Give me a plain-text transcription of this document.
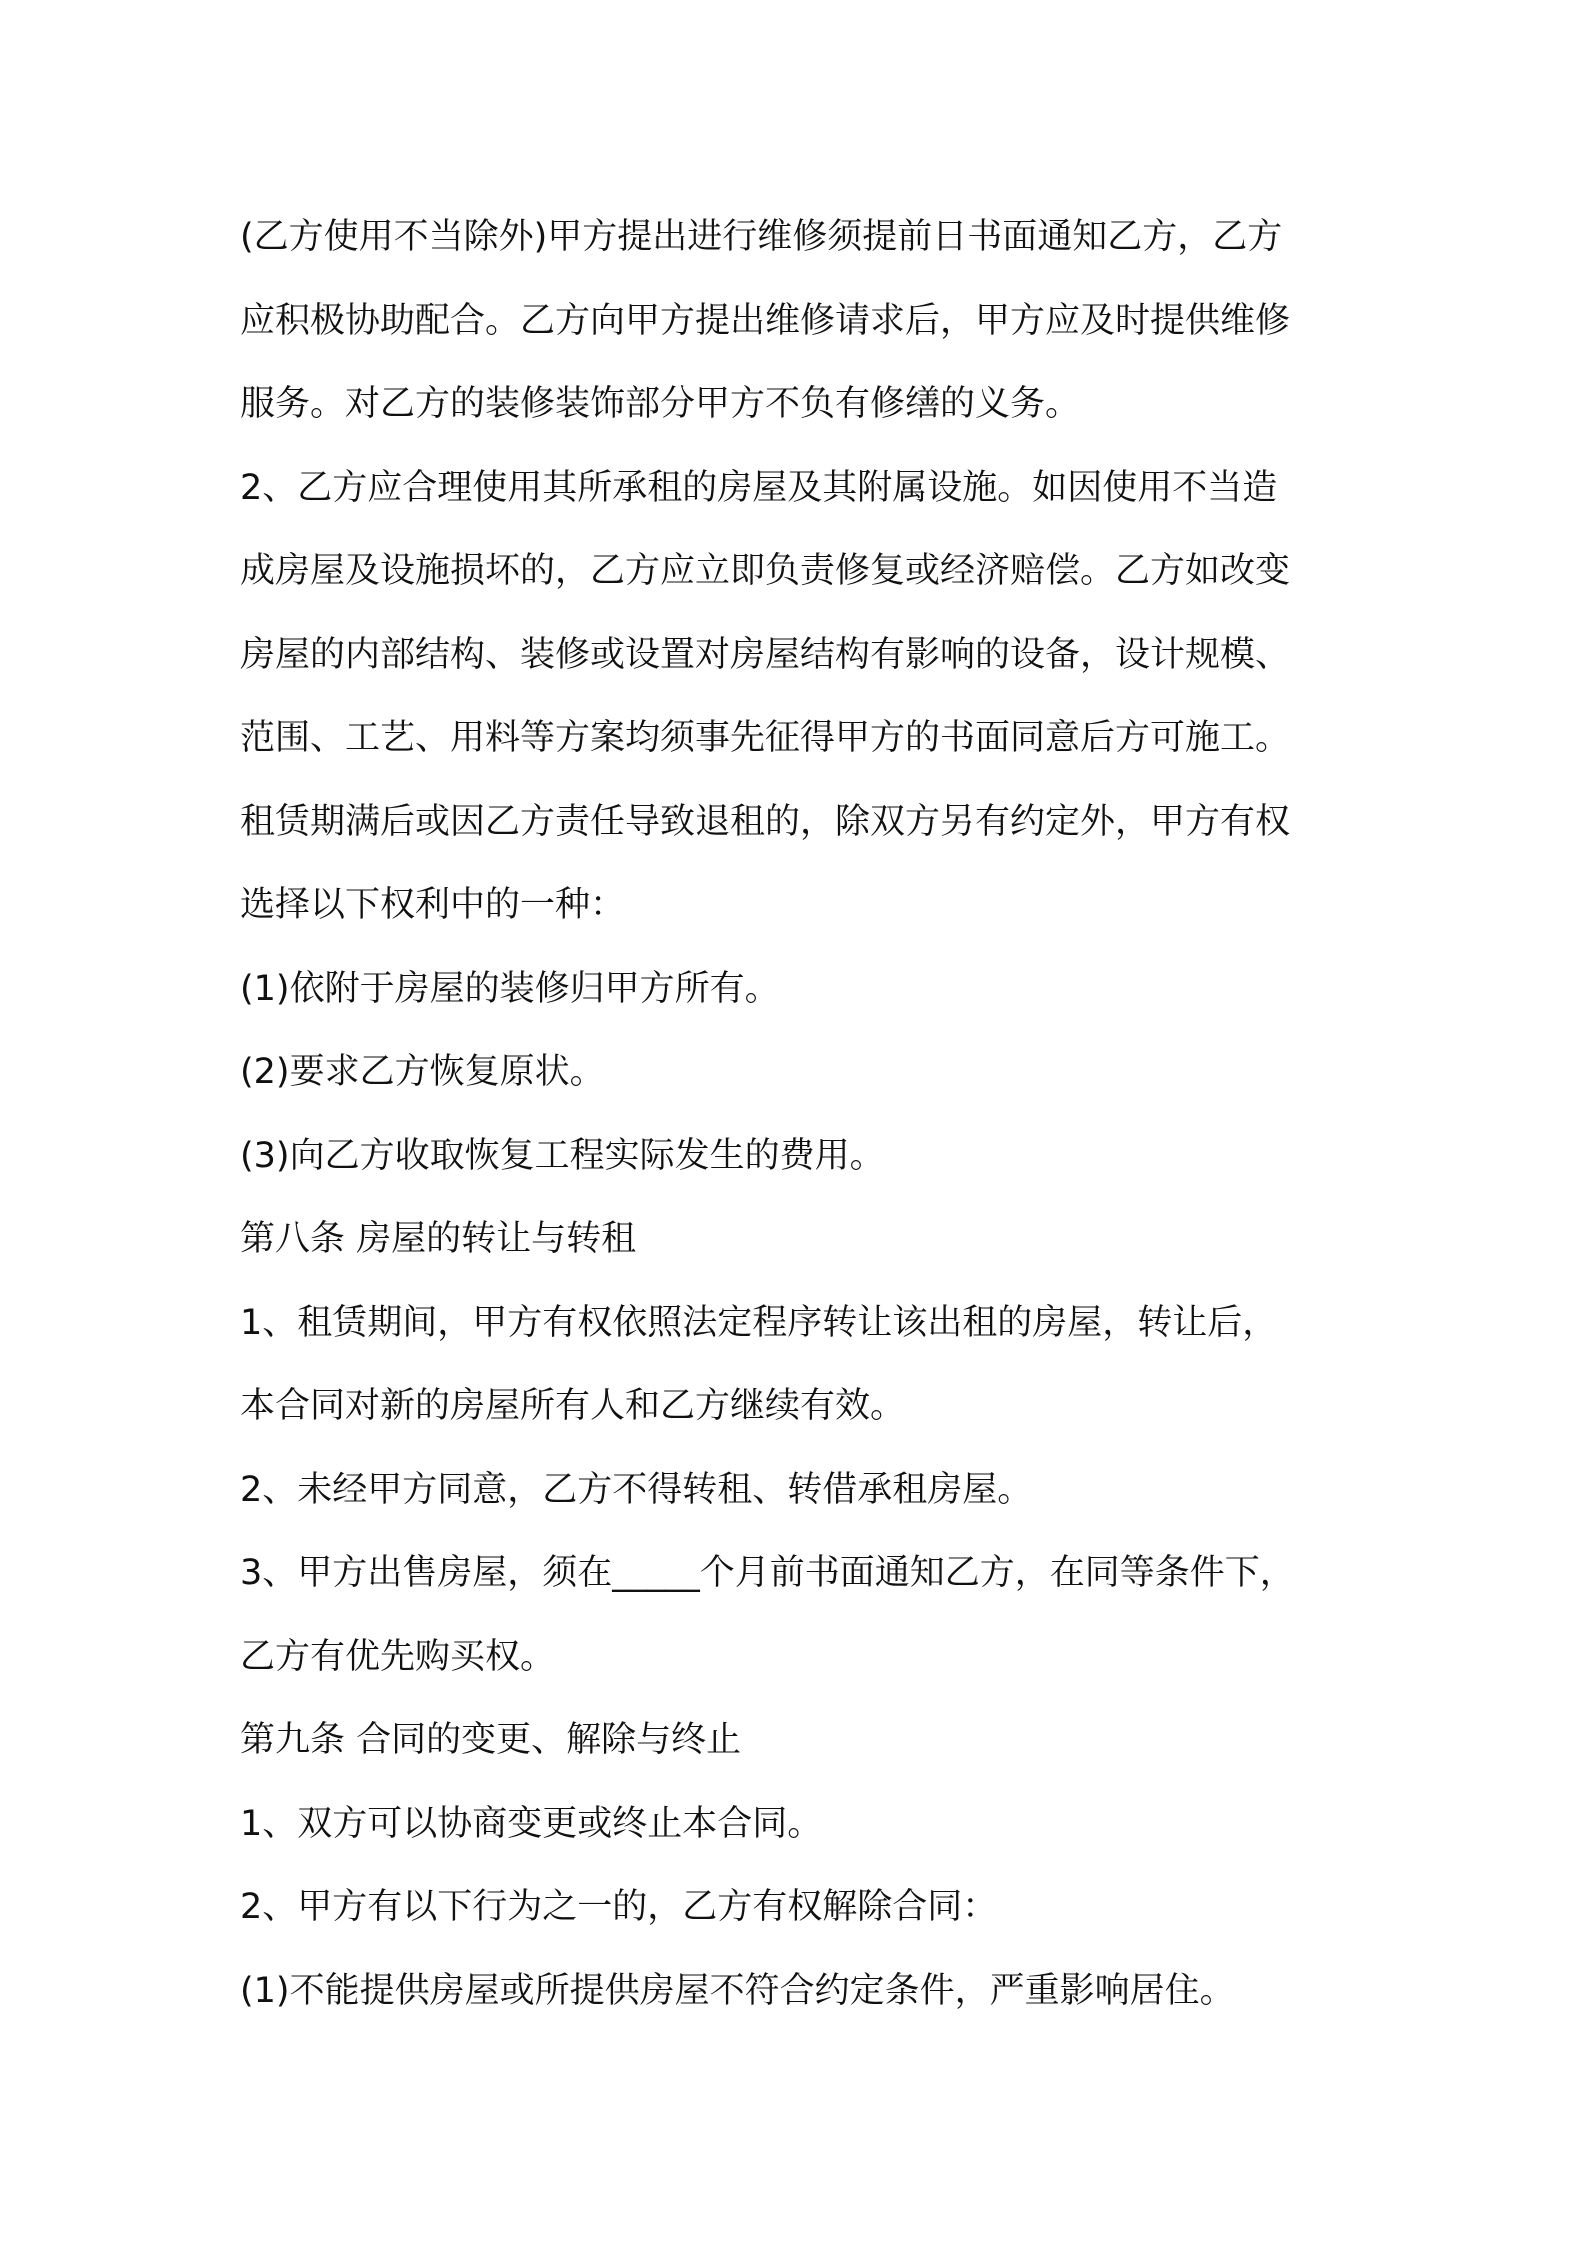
(乙方使用不当除外)甲方提出进行维修须提前日书面通知乙方，乙方
应积极协助配合。乙方向甲方提出维修请求后，甲方应及时提供维修
服务。对乙方的装修装饰部分甲方不负有修缮的义务。
2、乙方应合理使用其所承租的房屋及其附属设施。如因使用不当造
成房屋及设施损坏的，乙方应立即负责修复或经济赔偿。乙方如改变
房屋的内部结构、装修或设置对房屋结构有影响的设备，设计规模、
范围、工艺、用料等方案均须事先征得甲方的书面同意后方可施工。
租赁期满后或因乙方责任导致退租的，除双方另有约定外，甲方有权
选择以下权利中的一种：
(1)依附于房屋的装修归甲方所有。
(2)要求乙方恢复原状。
(3)向乙方收取恢复工程实际发生的费用。
第八条 房屋的转让与转租
1、租赁期间，甲方有权依照法定程序转让该出租的房屋，转让后，
本合同对新的房屋所有人和乙方继续有效。
2、未经甲方同意，乙方不得转租、转借承租房屋。
3、甲方出售房屋，须在_____个月前书面通知乙方，在同等条件下，
乙方有优先购买权。
第九条 合同的变更、解除与终止
1、双方可以协商变更或终止本合同。
2、甲方有以下行为之一的，乙方有权解除合同：
(1)不能提供房屋或所提供房屋不符合约定条件，严重影响居住。
